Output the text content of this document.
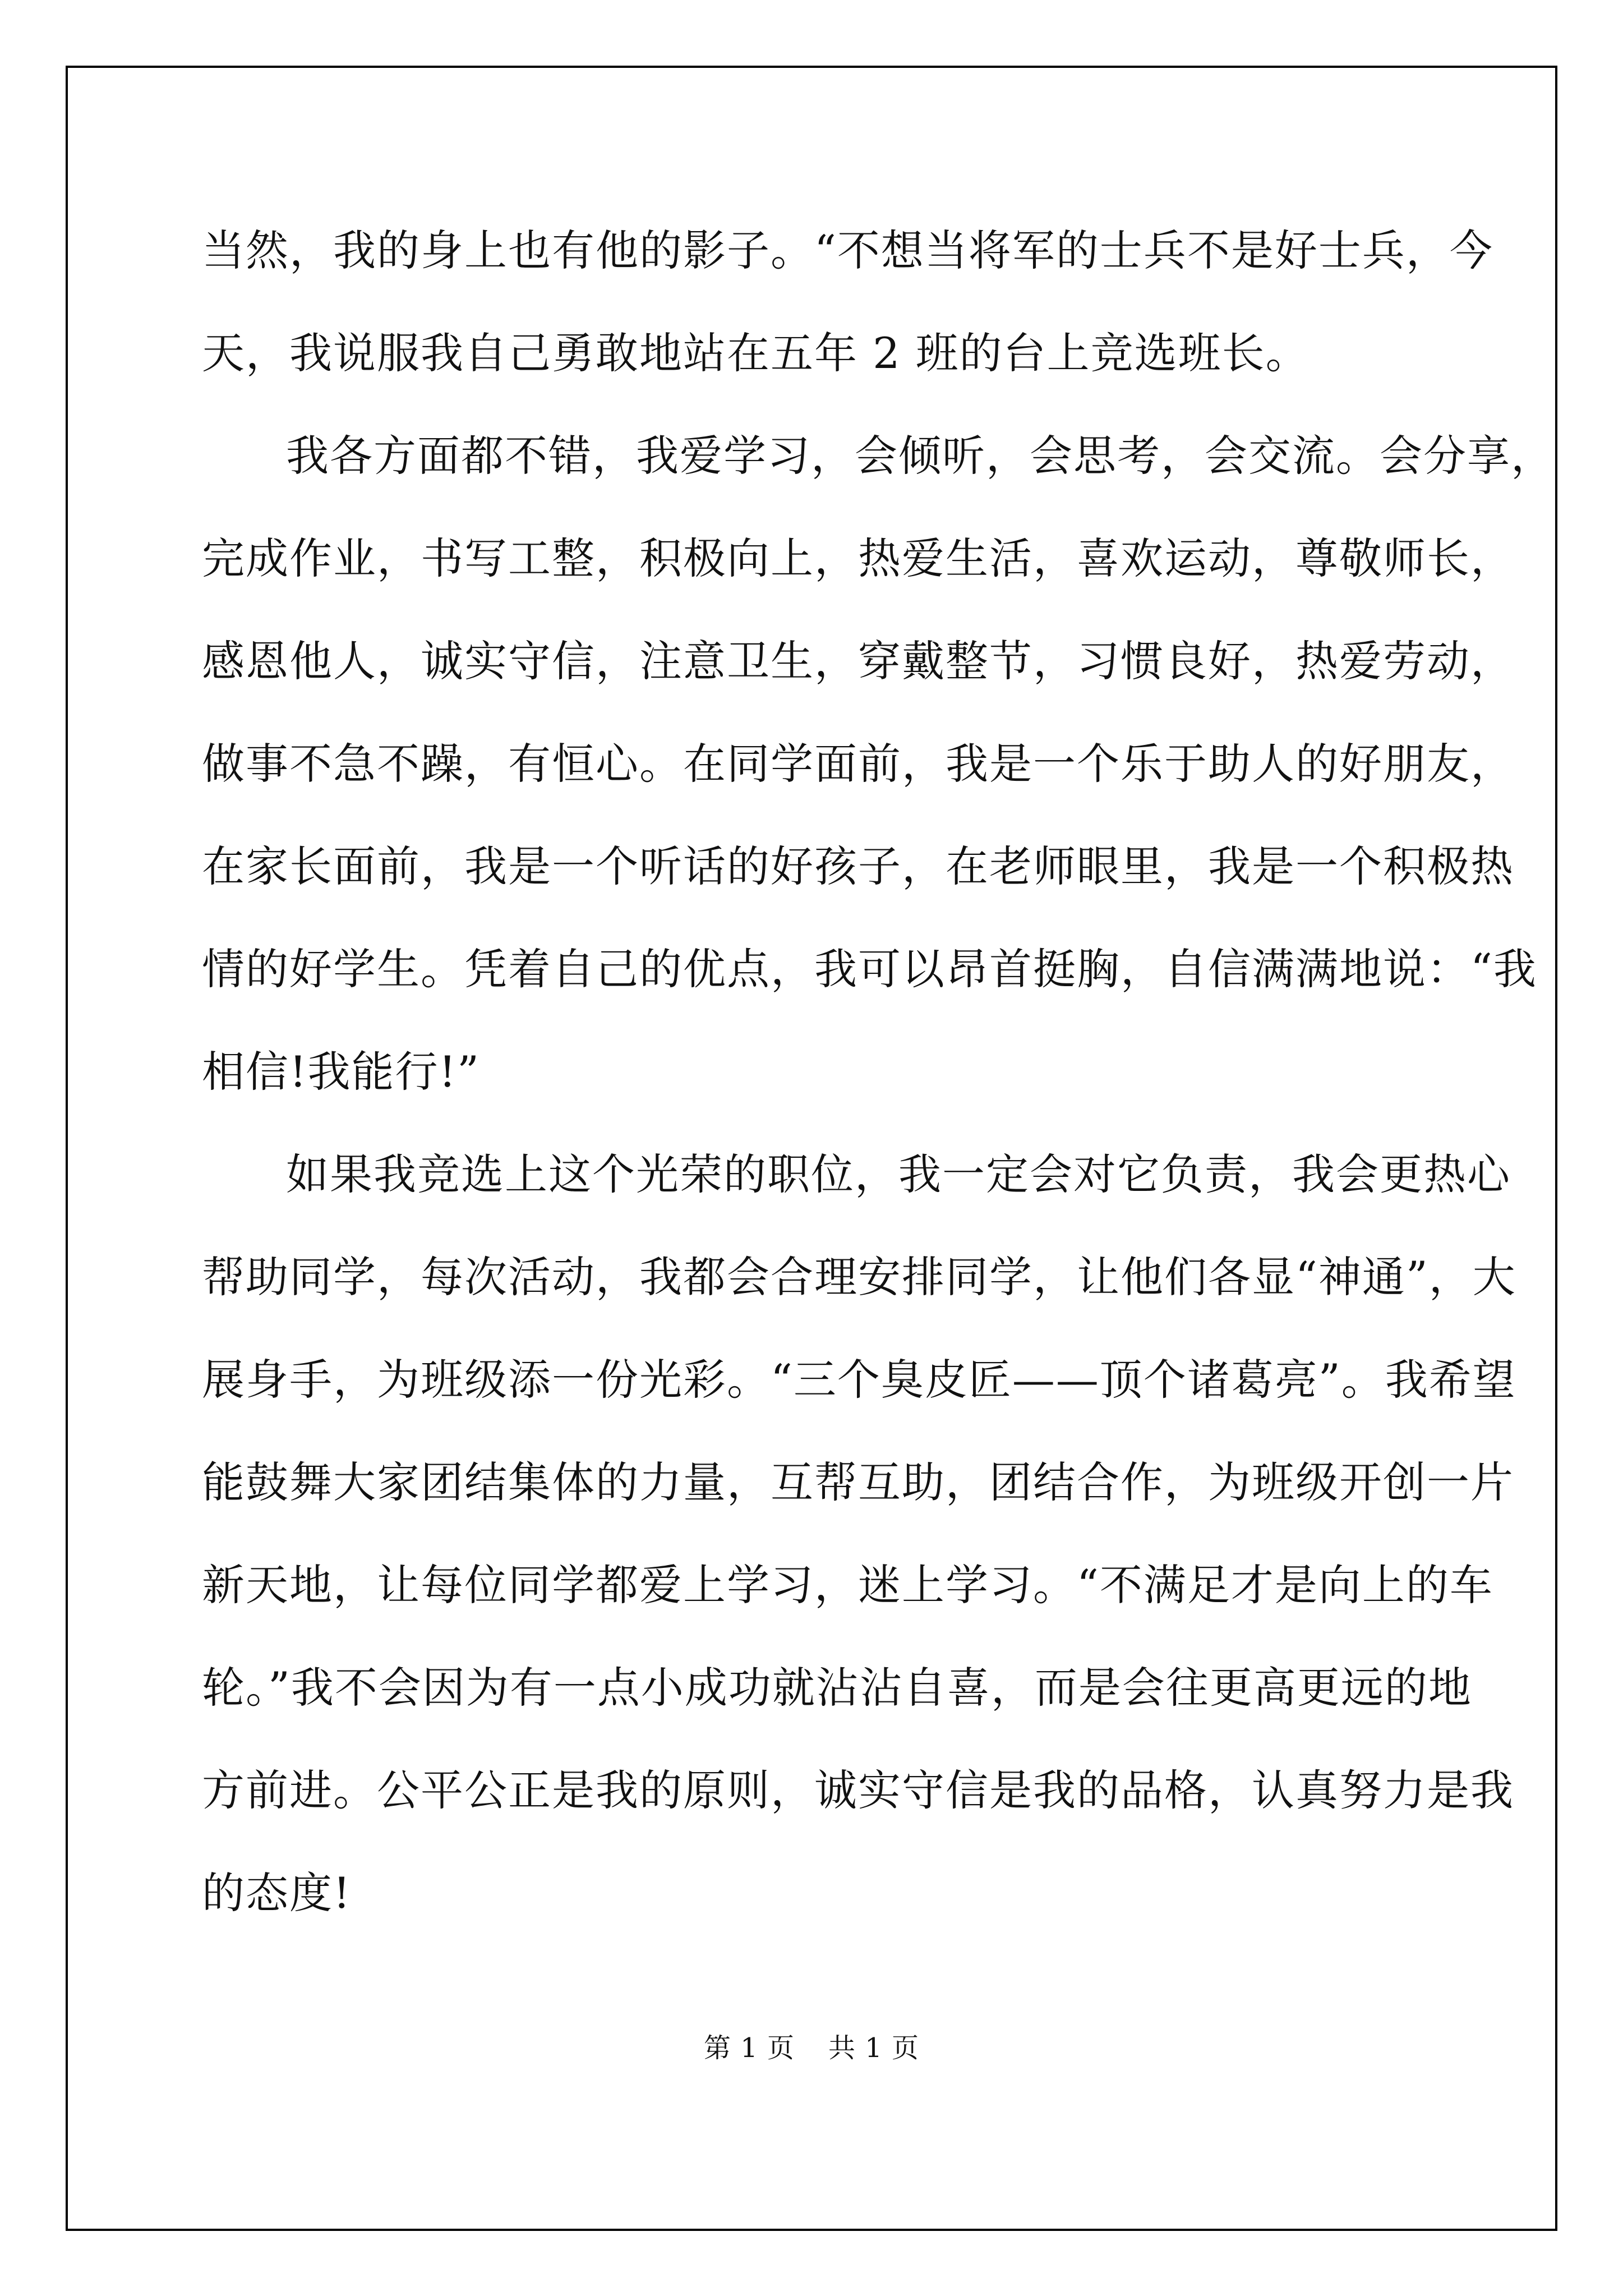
当然，我的身上也有他的影子。“不想当将军的士兵不是好士兵，今
天，我说服我自己勇敢地站在五年 2 班的台上竞选班长。

我各方面都不错，我爱学习，会倾听，会思考，会交流。会分享，
完成作业，书写工整，积极向上，热爱生活，喜欢运动，尊敬师长，
感恩他人，诚实守信，注意卫生，穿戴整节，习惯良好，热爱劳动，
做事不急不躁，有恒心。在同学面前，我是一个乐于助人的好朋友，
在家长面前，我是一个听话的好孩子，在老师眼里，我是一个积极热
情的好学生。凭着自己的优点，我可以昂首挺胸，自信满满地说：“我
相信!我能行!”

如果我竞选上这个光荣的职位，我一定会对它负责，我会更热心
帮助同学，每次活动，我都会合理安排同学，让他们各显“神通”，大
展身手，为班级添一份光彩。“三个臭皮匠——顶个诸葛亮”。我希望
能鼓舞大家团结集体的力量，互帮互助，团结合作，为班级开创一片
新天地，让每位同学都爱上学习，迷上学习。“不满足才是向上的车
轮。”我不会因为有一点小成功就沾沾自喜，而是会往更高更远的地
方前进。公平公正是我的原则，诚实守信是我的品格，认真努力是我
的态度!

第 1 页 共 1 页
